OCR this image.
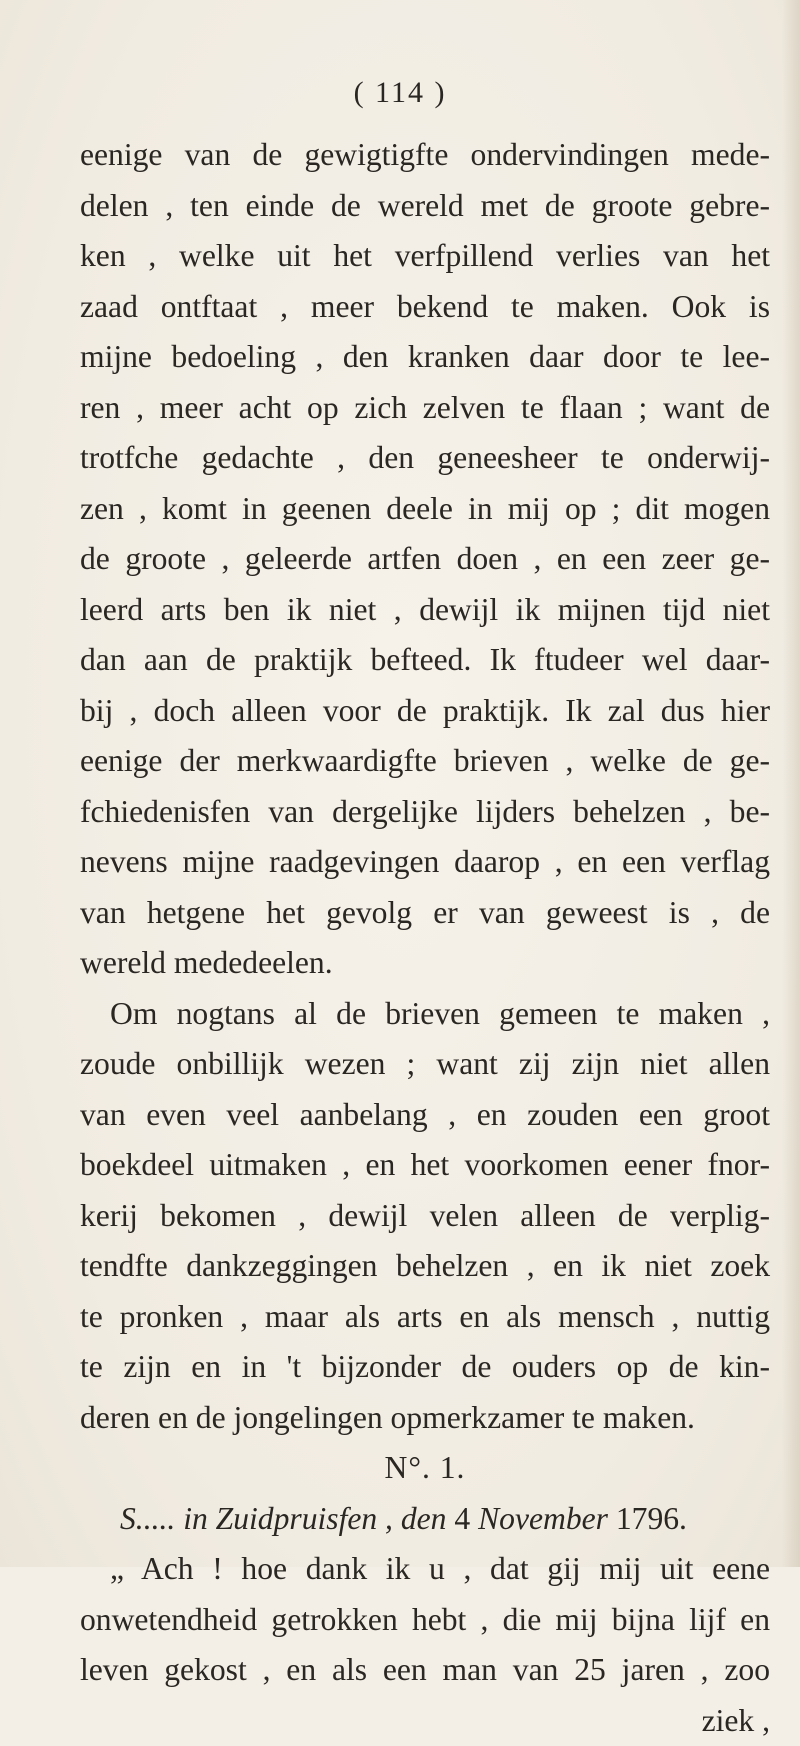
( 114 )
eenige van de gewigtigfte ondervindingen mede-
delen , ten einde de wereld met de groote gebre-
ken , welke uit het verfpillend verlies van het
zaad ontftaat , meer bekend te maken. Ook is
mijne bedoeling , den kranken daar door te lee-
ren , meer acht op zich zelven te flaan ; want de
trotfche gedachte , den geneesheer te onderwij-
zen , komt in geenen deele in mij op ; dit mogen
de groote , geleerde artfen doen , en een zeer ge-
leerd arts ben ik niet , dewijl ik mijnen tijd niet
dan aan de praktijk befteed. Ik ftudeer wel daar-
bij , doch alleen voor de praktijk. Ik zal dus hier
eenige der merkwaardigfte brieven , welke de ge-
fchiedenisfen van dergelijke lijders behelzen , be-
nevens mijne raadgevingen daarop , en een verflag
van hetgene het gevolg er van geweest is , de
wereld mededeelen.
Om nogtans al de brieven gemeen te maken ,
zoude onbillijk wezen ; want zij zijn niet allen
van even veel aanbelang , en zouden een groot
boekdeel uitmaken , en het voorkomen eener fnor-
kerij bekomen , dewijl velen alleen de verplig-
tendfte dankzeggingen behelzen , en ik niet zoek
te pronken , maar als arts en als mensch , nuttig
te zijn en in 't bijzonder de ouders op de kin-
deren en de jongelingen opmerkzamer te maken.
N°. 1.
S..... in Zuidpruisfen , den 4 November 1796.
„ Ach ! hoe dank ik u , dat gij mij uit eene
onwetendheid getrokken hebt , die mij bijna lijf en
leven gekost , en als een man van 25 jaren , zoo
ziek ,
